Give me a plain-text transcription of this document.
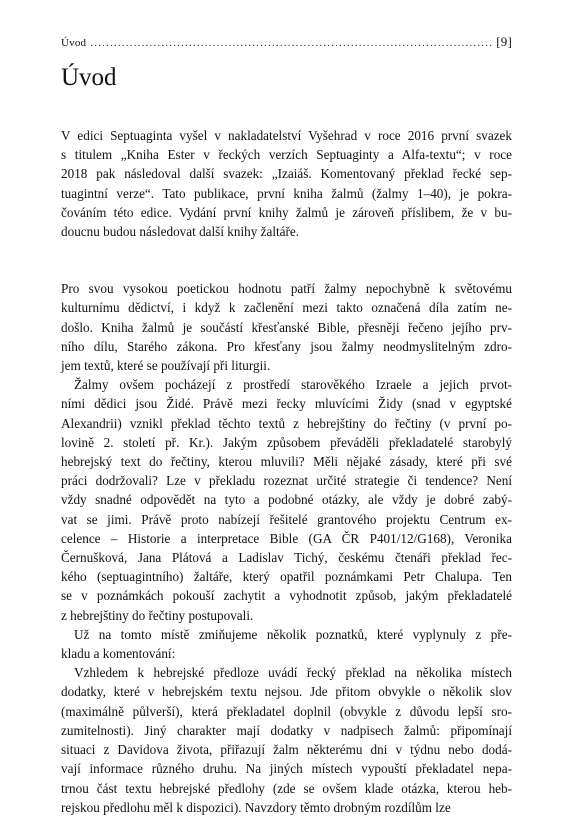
Úvod
.....	[9]
Úvod

V edici Septuaginta vyšel v nakladatelství Vyšehrad v roce 2016 první svazek
s titulem „Kniha Ester v řeckých verzích Septuaginty a Alfa-textu“; v roce
2018 pak následoval další svazek: „Izaiáš. Komentovaný překlad řecké sep-
tuagintní verze“. Tato publikace, první kniha žalmů (žalmy 1–40), je pokra-
čováním této edice. Vydání první knihy žalmů je zároveň příslibem, že v bu-
doucnu budou následovat další knihy žaltáře.

Pro svou vysokou poetickou hodnotu patří žalmy nepochybně k světovému
kulturnímu dědictví, i když k začlenění mezi takto označená díla zatím ne-
došlo. Kniha žalmů je součástí křesťanské Bible, přesněji řečeno jejího prv-
ního dílu, Starého zákona. Pro křesťany jsou žalmy neodmyslitelným zdro-
jem textů, které se používají při liturgii.

Žalmy ovšem pocházejí z prostředí starověkého Izraele a jejich prvot-
ními dědici jsou Židé. Právě mezi řecky mluvícími Židy (snad v egyptské
Alexandrii) vznikl překlad těchto textů z hebrejštiny do řečtiny (v první po-
lovině 2. století př. Kr.). Jakým způsobem převáděli překladatelé starobylý
hebrejský text do řečtiny, kterou mluvili? Měli nějaké zásady, které při své
práci dodržovali? Lze v překladu rozeznat určité strategie či tendence? Není
vždy snadné odpovědět na tyto a podobné otázky, ale vždy je dobré zabý-
vat se jimi. Právě proto nabízejí řešitelé grantového projektu Centrum ex-
celence – Historie a interpretace Bible (GA ČR P401/12/G168), Veronika
Černušková, Jana Plátová a Ladislav Tichý, českému čtenáři překlad řec-
kého (septuagintního) žaltáře, který opatřil poznámkami Petr Chalupa. Ten
se v poznámkách pokouší zachytit a vyhodnotit způsob, jakým překladatelé
z hebrejštiny do řečtiny postupovali.

Už na tomto místě zmiňujeme několik poznatků, které vyplynuly z pře-
kladu a komentování:

Vzhledem k hebrejské předloze uvádí řecký překlad na několika místech
dodatky, které v hebrejském textu nejsou. Jde přitom obvykle o několik slov
(maximálně půlverší), která překladatel doplnil (obvykle z důvodu lepší sro-
zumitelnosti). Jiný charakter mají dodatky v nadpisech žalmů: připomínají
situaci z Davidova života, přiřazují žalm některému dni v týdnu nebo dodá-
vají informace různého druhu. Na jiných místech vypouští překladatel nepa-
trnou část textu hebrejské předlohy (zde se ovšem klade otázka, kterou heb-
rejskou předlohu měl k dispozici). Navzdory těmto drobným rozdílům lze
